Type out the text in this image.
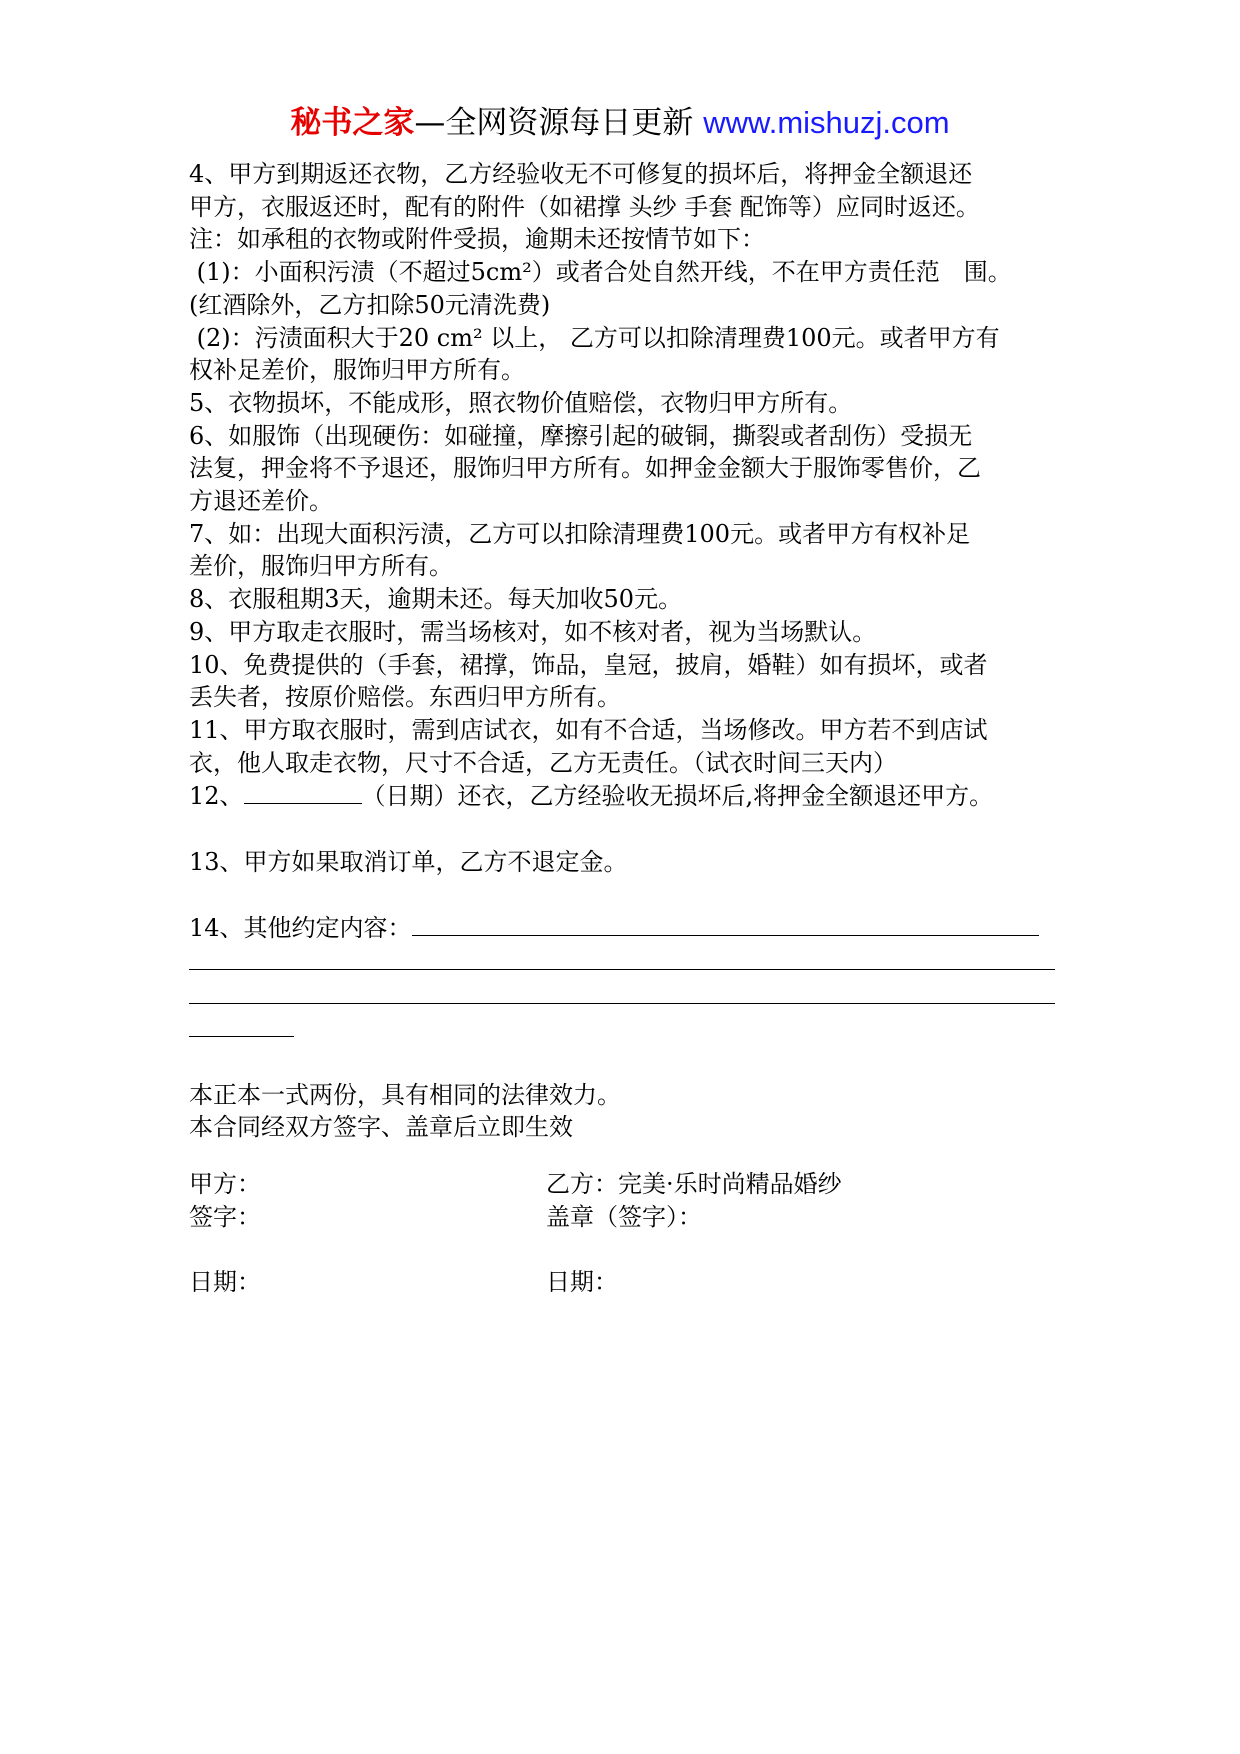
秘书之家—全网资源每日更新 www.mishuzj.com

4、甲方到期返还衣物，乙方经验收无不可修复的损坏后，将押金全额退还

甲方，衣服返还时，配有的附件（如裙撑 头纱 手套 配饰等）应同时返还。

注：如承租的衣物或附件受损，逾期未还按情节如下：

(1)：小面积污渍（不超过5cm²）或者合处自然开线，不在甲方责任范　围。

(红酒除外，乙方扣除50元清洗费)

(2)：污渍面积大于20 cm² 以上， 乙方可以扣除清理费100元。或者甲方有

权补足差价，服饰归甲方所有。

5、衣物损坏，不能成形，照衣物价值赔偿，衣物归甲方所有。

6、如服饰（出现硬伤：如碰撞，摩擦引起的破铜，撕裂或者刮伤）受损无

法复，押金将不予退还，服饰归甲方所有。如押金金额大于服饰零售价，乙

方退还差价。

7、如：出现大面积污渍，乙方可以扣除清理费100元。或者甲方有权补足

差价，服饰归甲方所有。

8、衣服租期3天，逾期未还。每天加收50元。

9、甲方取走衣服时，需当场核对，如不核对者，视为当场默认。

10、免费提供的（手套，裙撑，饰品，皇冠，披肩，婚鞋）如有损坏，或者

丢失者，按原价赔偿。东西归甲方所有。

11、甲方取衣服时，需到店试衣，如有不合适，当场修改。甲方若不到店试

衣，他人取走衣物，尺寸不合适，乙方无责任。（试衣时间三天内）

12、	（日期）还衣，乙方经验收无损坏后,将押金全额退还甲方。

13、甲方如果取消订单，乙方不退定金。

14、其他约定内容：

本正本一式两份，具有相同的法律效力。

本合同经双方签字、盖章后立即生效

甲方：	乙方：完美·乐时尚精品婚纱
签字：	盖章（签字）：
日期：	日期：
